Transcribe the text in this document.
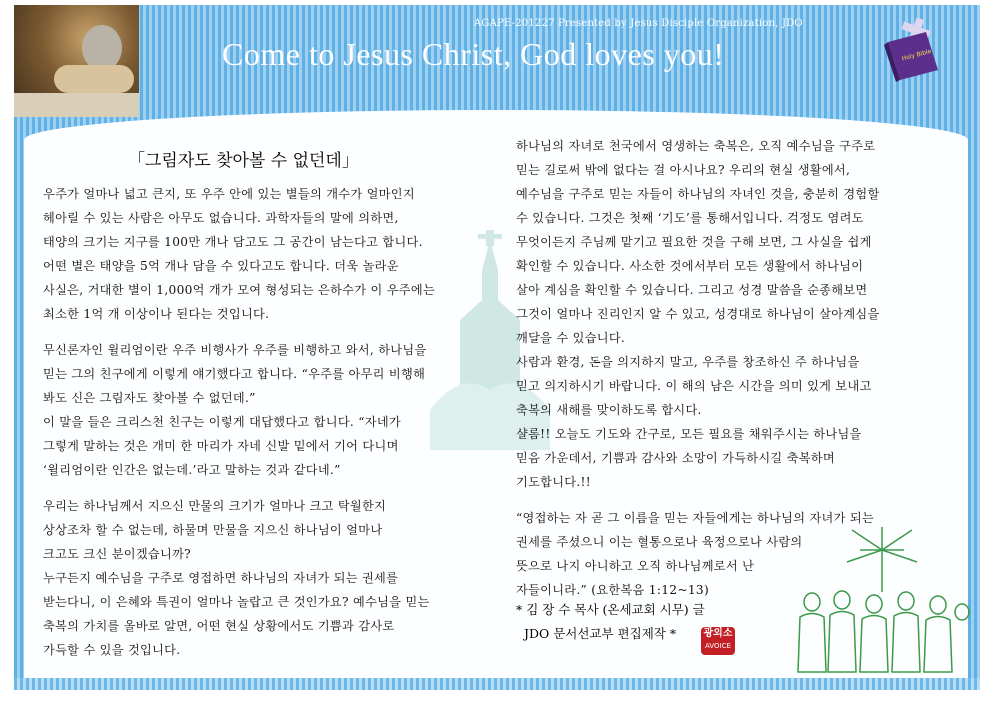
AGAPE-201227 Presented by Jesus Disciple Organization, JDO
Come to Jesus Christ, God loves you!	Holy Bible
「그림자도 찾아볼 수 없던데」

우주가 얼마나 넓고 큰지, 또 우주 안에 있는 별들의 개수가 얼마인지
헤아릴 수 있는 사람은 아무도 없습니다. 과학자들의 말에 의하면,
태양의 크기는 지구를 100만 개나 담고도 그 공간이 남는다고 합니다.
어떤 별은 태양을 5억 개나 담을 수 있다고도 합니다. 더욱 놀라운
사실은, 거대한 별이 1,000억 개가 모여 형성되는 은하수가 이 우주에는
최소한 1억 개 이상이나 된다는 것입니다.

무신론자인 윌리엄이란 우주 비행사가 우주를 비행하고 와서, 하나님을
믿는 그의 친구에게 이렇게 얘기했다고 합니다. “우주를 아무리 비행해
봐도 신은 그림자도 찾아볼 수 없던데.”
이 말을 들은 크리스천 친구는 이렇게 대답했다고 합니다. “자네가
그렇게 말하는 것은 개미 한 마리가 자네 신발 밑에서 기어 다니며
‘윌리엄이란 인간은 없는데.’라고 말하는 것과 같다네.”

우리는 하나님께서 지으신 만물의 크기가 얼마나 크고 탁월한지
상상조차 할 수 없는데, 하물며 만물을 지으신 하나님이 얼마나
크고도 크신 분이겠습니까?
누구든지 예수님을 구주로 영접하면 하나님의 자녀가 되는 권세를
받는다니, 이 은혜와 특권이 얼마나 놀랍고 큰 것인가요? 예수님을 믿는
축복의 가치를 올바로 알면, 어떤 현실 상황에서도 기쁨과 감사로
가득할 수 있을 것입니다.

하나님의 자녀로 천국에서 영생하는 축복은, 오직 예수님을 구주로
믿는 길로써 밖에 없다는 걸 아시나요? 우리의 현실 생활에서,
예수님을 구주로 믿는 자들이 하나님의 자녀인 것을, 충분히 경험할
수 있습니다. 그것은 첫째 ‘기도’를 통해서입니다. 걱정도 염려도
무엇이든지 주님께 맡기고 필요한 것을 구해 보면, 그 사실을 쉽게
확인할 수 있습니다. 사소한 것에서부터 모든 생활에서 하나님이
살아 계심을 확인할 수 있습니다. 그리고 성경 말씀을 순종해보면
그것이 얼마나 진리인지 알 수 있고, 성경대로 하나님이 살아계심을
깨달을 수 있습니다.
사람과 환경, 돈을 의지하지 말고, 우주를 창조하신 주 하나님을
믿고 의지하시기 바랍니다. 이 해의 남은 시간을 의미 있게 보내고
축복의 새해를 맞이하도록 합시다.
샬롬!! 오늘도 기도와 간구로, 모든 필요를 채워주시는 하나님을
믿음 가운데서, 기쁨과 감사와 소망이 가득하시길 축복하며
기도합니다.!!

“영접하는 자 곧 그 이름을 믿는 자들에게는 하나님의 자녀가 되는
권세를 주셨으니 이는 혈통으로나 육정으로나 사람의
뜻으로 나지 아니하고 오직 하나님께로서 난
자들이니라.” (요한복음 1:12~13)

* 김 장 수 목사 (온세교회 시무) 글
JDO 문서선교부 편집제작 *	광외소
AVOICE
